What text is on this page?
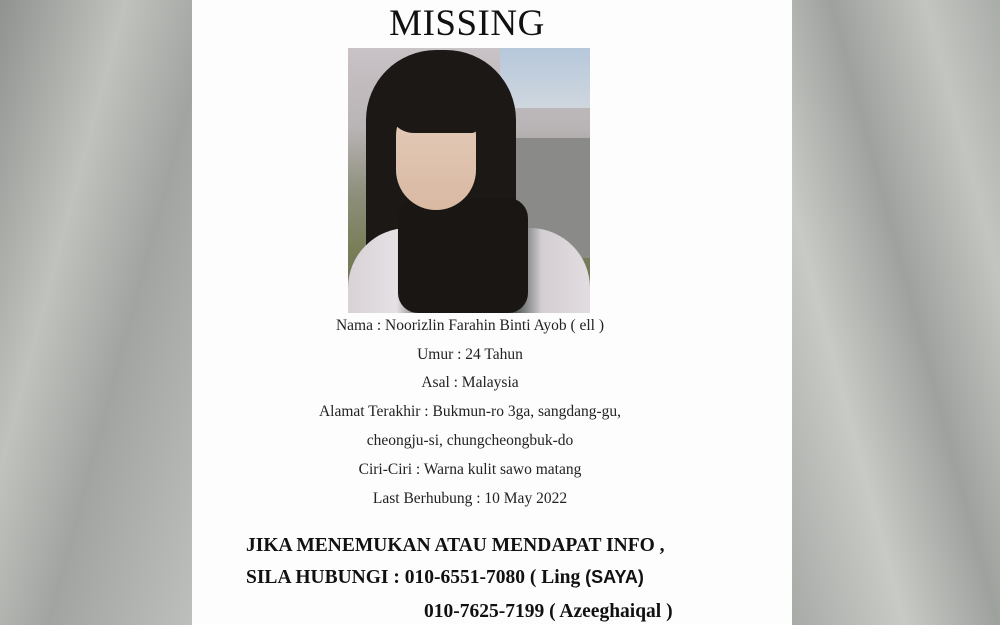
MISSING
Nama : Noorizlin Farahin Binti Ayob ( ell )
Umur : 24 Tahun
Asal : Malaysia
Alamat Terakhir : Bukmun-ro 3ga, sangdang-gu,
cheongju-si, chungcheongbuk-do
Ciri-Ciri : Warna kulit sawo matang
Last Berhubung : 10 May 2022
JIKA MENEMUKAN ATAU MENDAPAT INFO ,
SILA HUBUNGI : 010-6551-7080 ( Ling (SAYA)
010-7625-7199 ( Azeeghaiqal )
